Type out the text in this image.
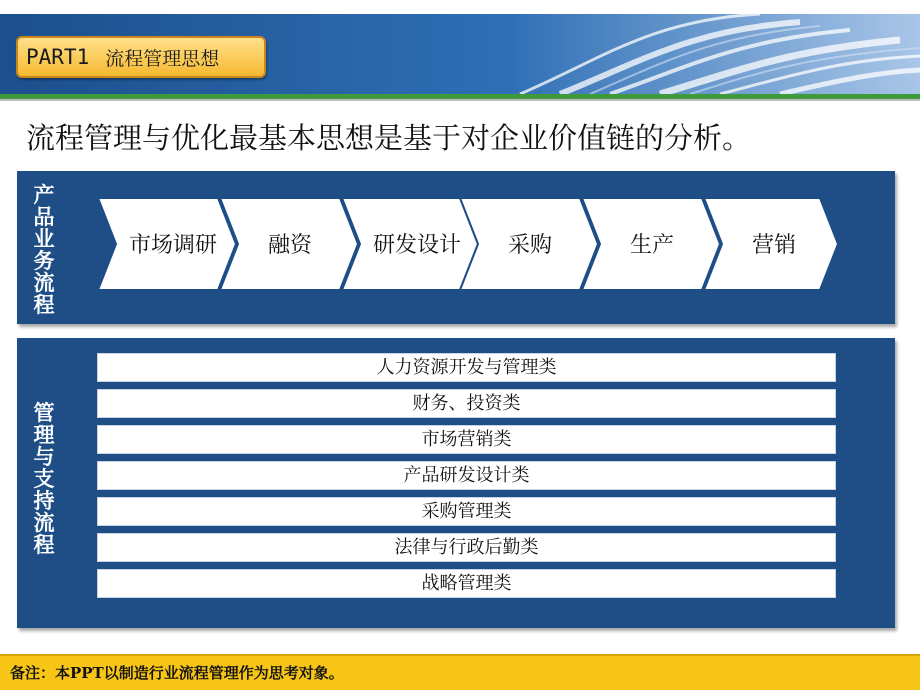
PART1 流程管理思想
流程管理与优化最基本思想是基于对企业价值链的分析。
产品业务流程
市场调研	融资	研发设计	采购	生产	营销
管理与支持流程
人力资源开发与管理类
财务、投资类
市场营销类
产品研发设计类
采购管理类
法律与行政后勤类
战略管理类
备注：本PPT以制造行业流程管理作为思考对象。
